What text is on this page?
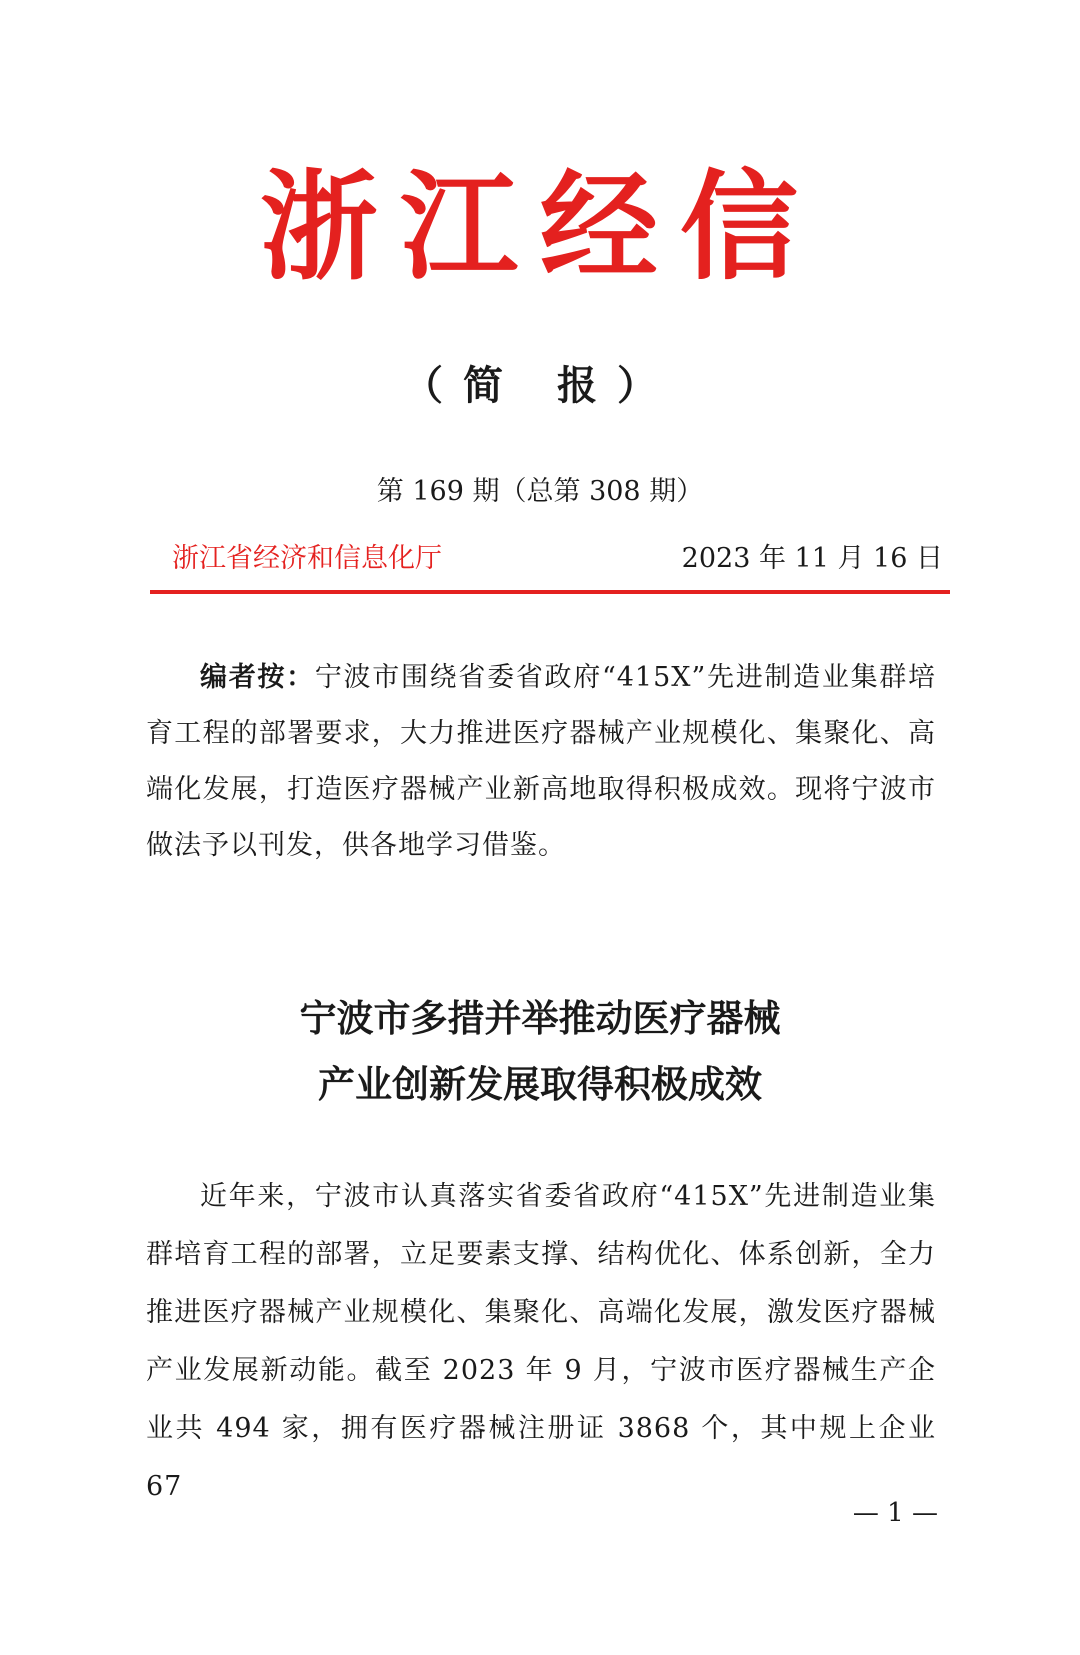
浙江经信
（简 报）
第 169 期（总第 308 期）
浙江省经济和信息化厅	2023 年 11 月 16 日
编者按：宁波市围绕省委省政府“415X”先进制造业集群培育工程的部署要求，大力推进医疗器械产业规模化、集聚化、高端化发展，打造医疗器械产业新高地取得积极成效。现将宁波市做法予以刊发，供各地学习借鉴。
宁波市多措并举推动医疗器械
产业创新发展取得积极成效
近年来，宁波市认真落实省委省政府“415X”先进制造业集群培育工程的部署，立足要素支撑、结构优化、体系创新，全力推进医疗器械产业规模化、集聚化、高端化发展，激发医疗器械产业发展新动能。截至 2023 年 9 月，宁波市医疗器械生产企业共 494 家，拥有医疗器械注册证 3868 个，其中规上企业 67
— 1 —
